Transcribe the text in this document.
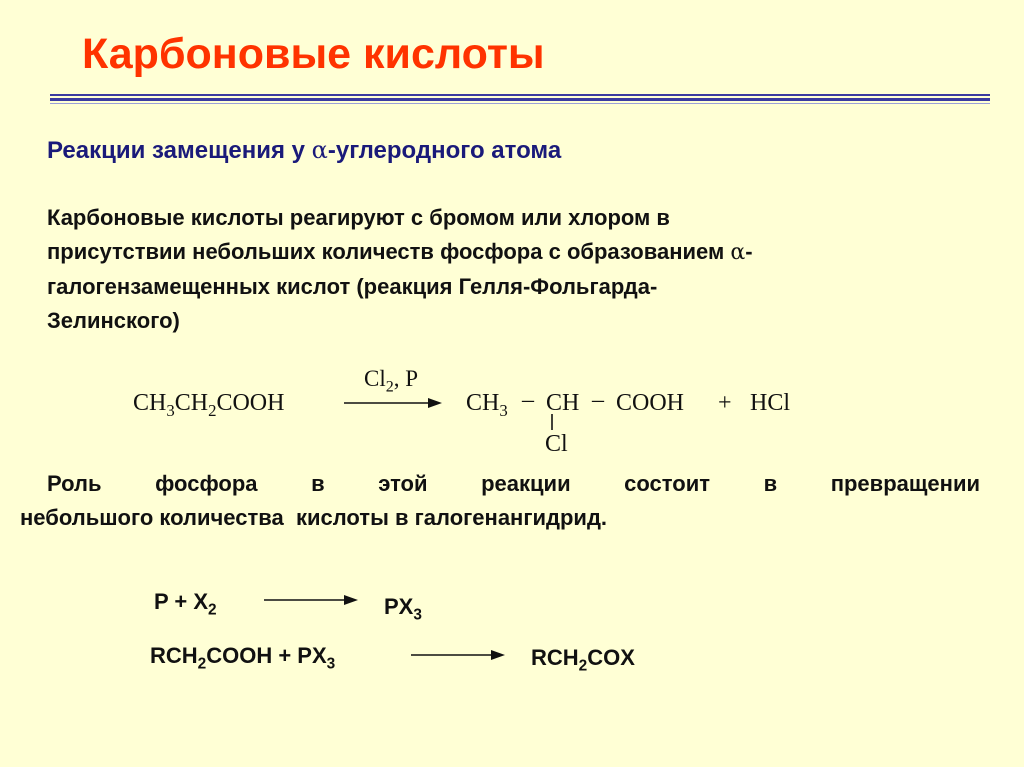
Карбоновые кислоты
Реакции замещения у α-углеродного атома
Карбоновые кислоты реагируют с бромом или хлором в
присутствии небольших количеств фосфора с образованием α-
галогензамещенных кислот (реакция Гелля-Фольгарда-
Зелинского)
$CH_3CH_2COOH$
$Cl_2$, P
$CH_3$ – CH – COOH + HCl
Cl
Роль фосфора в этой реакции состоит в превращении
небольшого количества  кислоты в галогенангидрид.
$P + X_2$	$PX_3$
$RCH_2COOH + PX_3$	$RCH_2COX$
